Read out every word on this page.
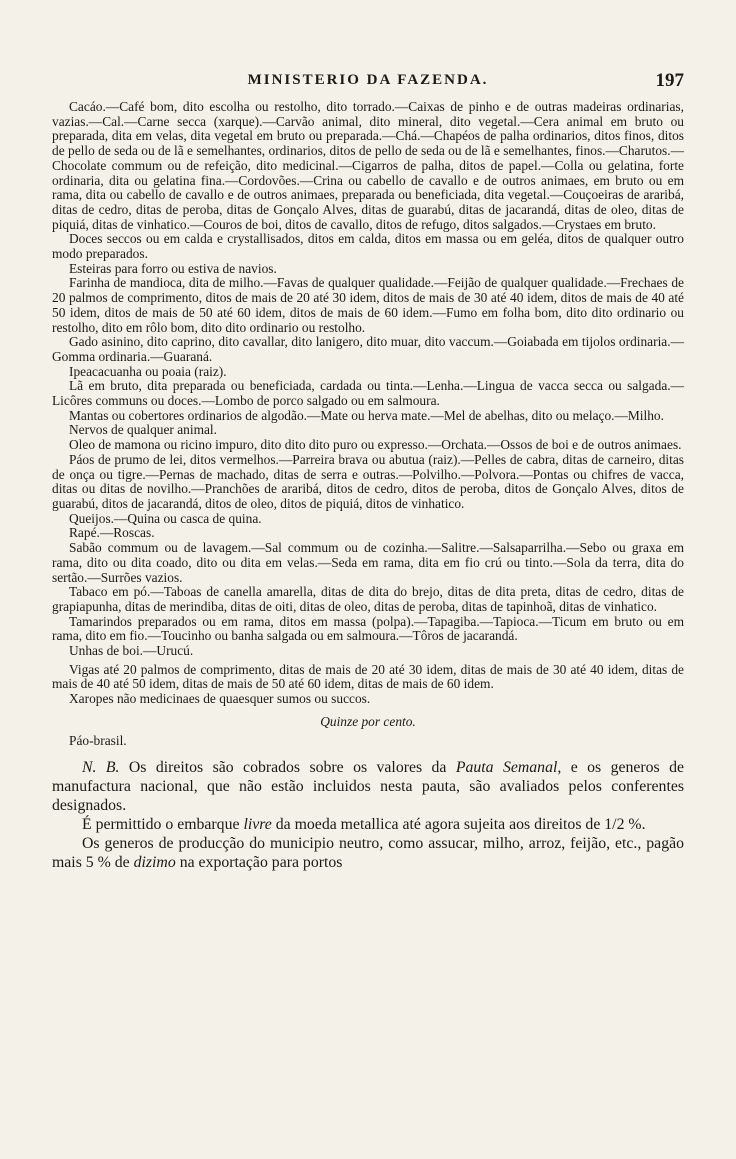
MINISTERIO DA FAZENDA.	197

Cacáo.—Café bom, dito escolha ou restolho, dito torrado.—Caixas de pinho e de outras madeiras ordinarias, vazias.—Cal.—Carne secca (xarque).—Carvão animal, dito mineral, dito vegetal.—Cera animal em bruto ou preparada, dita em velas, dita vegetal em bruto ou preparada.—Chá.—Chapéos de palha ordinarios, ditos finos, ditos de pello de seda ou de lã e semelhantes, ordinarios, ditos de pello de seda ou de lã e semelhantes, finos.—Charutos.—Chocolate commum ou de refeição, dito medicinal.—Cigarros de palha, ditos de papel.—Colla ou gelatina, forte ordinaria, dita ou gelatina fina.—Cordovões.—Crina ou cabello de cavallo e de outros animaes, em bruto ou em rama, dita ou cabello de cavallo e de outros animaes, preparada ou beneficiada, dita vegetal.—Couçoeiras de araribá, ditas de cedro, ditas de peroba, ditas de Gonçalo Alves, ditas de guarabú, ditas de jacarandá, ditas de oleo, ditas de piquiá, ditas de vinhatico.—Couros de boi, ditos de cavallo, ditos de refugo, ditos salgados.—Crystaes em bruto.

Doces seccos ou em calda e crystallisados, ditos em calda, ditos em massa ou em geléa, ditos de qualquer outro modo preparados.

Esteiras para forro ou estiva de navios.

Farinha de mandioca, dita de milho.—Favas de qualquer qualidade.—Feijão de qualquer qualidade.—Frechaes de 20 palmos de comprimento, ditos de mais de 20 até 30 idem, ditos de mais de 30 até 40 idem, ditos de mais de 40 até 50 idem, ditos de mais de 50 até 60 idem, ditos de mais de 60 idem.—Fumo em folha bom, dito dito ordinario ou restolho, dito em rôlo bom, dito dito ordinario ou restolho.

Gado asinino, dito caprino, dito cavallar, dito lanigero, dito muar, dito vaccum.—Goiabada em tijolos ordinaria.—Gomma ordinaria.—Guaraná.

Ipeacacuanha ou poaia (raiz).

Lã em bruto, dita preparada ou beneficiada, cardada ou tinta.—Lenha.—Lingua de vacca secca ou salgada.—Licôres communs ou doces.—Lombo de porco salgado ou em salmoura.

Mantas ou cobertores ordinarios de algodão.—Mate ou herva mate.—Mel de abelhas, dito ou melaço.—Milho.

Nervos de qualquer animal.

Oleo de mamona ou ricino impuro, dito dito dito puro ou expresso.—Orchata.—Ossos de boi e de outros animaes.

Páos de prumo de lei, ditos vermelhos.—Parreira brava ou abutua (raiz).—Pelles de cabra, ditas de carneiro, ditas de onça ou tigre.—Pernas de machado, ditas de serra e outras.—Polvilho.—Polvora.—Pontas ou chifres de vacca, ditas ou ditas de novilho.—Pranchões de araribá, ditos de cedro, ditos de peroba, ditos de Gonçalo Alves, ditos de guarabú, ditos de jacarandá, ditos de oleo, ditos de piquiá, ditos de vinhatico.

Queijos.—Quina ou casca de quina.

Rapé.—Roscas.

Sabão commum ou de lavagem.—Sal commum ou de cozinha.—Salitre.—Salsaparrilha.—Sebo ou graxa em rama, dito ou dita coado, dito ou dita em velas.—Seda em rama, dita em fio crú ou tinto.—Sola da terra, dita do sertão.—Surrões vazios.

Tabaco em pó.—Taboas de canella amarella, ditas de dita do brejo, ditas de dita preta, ditas de cedro, ditas de grapiapunha, ditas de merindiba, ditas de oiti, ditas de oleo, ditas de peroba, ditas de tapinhoã, ditas de vinhatico.

Tamarindos preparados ou em rama, ditos em massa (polpa).—Tapagiba.—Tapioca.—Ticum em bruto ou em rama, dito em fio.—Toucinho ou banha salgada ou em salmoura.—Tôros de jacarandá.

Unhas de boi.—Urucú.

Vigas até 20 palmos de comprimento, ditas de mais de 20 até 30 idem, ditas de mais de 30 até 40 idem, ditas de mais de 40 até 50 idem, ditas de mais de 50 até 60 idem, ditas de mais de 60 idem.

Xaropes não medicinaes de quaesquer sumos ou succos.

Quinze por cento.

Páo-brasil.

N. B. Os direitos são cobrados sobre os valores da Pauta Semanal, e os generos de manufactura nacional, que não estão incluidos nesta pauta, são avaliados pelos conferentes designados.

É permittido o embarque livre da moeda metallica até agora sujeita aos direitos de 1/2 %.

Os generos de producção do municipio neutro, como assucar, milho, arroz, feijão, etc., pagão mais 5 % de dizimo na exportação para portos
